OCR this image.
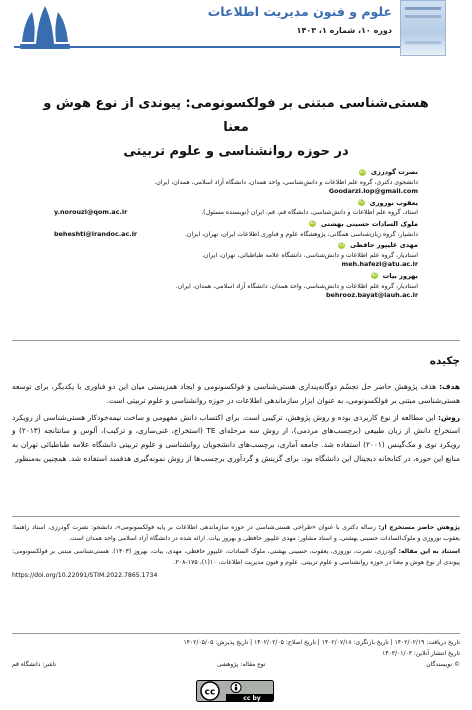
علوم و فنون مدیریت اطلاعات
دوره ۱۰، شماره ۱، ۱۴۰۳
هستی‌شناسی مبتنی بر فولکسونومی: پیوندی از نوع هوش و معنا
در حوزه روانشناسی و علوم تربیتی
نصرت گودرزی iD
دانشجوی دکتری، گروه علم اطلاعات و دانش‌شناسی، واحد همدان، دانشگاه آزاد اسلامی، همدان، ایران.
Goodarzi.lop@gmail.com
یعقوب نوروزی iD
استاد، گروه علم اطلاعات و دانش‌شناسی، دانشگاه قم، قم، ایران (نویسنده مسئول).
y.norouzi@qom.ac.ir
ملوک السادات حسینی بهشتی iD
دانشیار، گروه زبان‌شناسی همگانی، پژوهشگاه علوم و فناوری اطلاعات ایران، تهران، ایران.
beheshti@irandoc.ac.ir
مهدی علیپور حافظی iD
استادیار، گروه علم اطلاعات و دانش‌شناسی، دانشگاه علامه طباطبائی، تهران، ایران.
meh.hafezi@atu.ac.ir
بهروز بیات iD
استادیار، گروه علم اطلاعات و دانش‌شناسی، واحد همدان، دانشگاه آزاد اسلامی، همدان، ایران.
behrooz.bayat@iauh.ac.ir
چکیده

هدف: هدف پژوهش حاضر حل تجسّم دوگانه‌پنداری هستی‌شناسی و فولکسونومی و ایجاد همزیستی میان این دو فناوری با یکدیگر، برای توسعه هستی‌شناسی مبتنی بر فولکسونومی، به عنوان ابزار سازماندهی اطلاعات در حوزه روانشناسی و علوم تربیتی است.

روش: این مطالعه از نوع کاربردی بوده و روش پژوهش، ترکیبی است. برای اکتساب دانش مفهومی و ساخت نیمه‌خودکار هستی‌شناسی از رویکرد استخراج دانش از زبان طبیعی (برچسب‌های مردمی)، از روش سه مرحله‌ای TE (استخراج، غنی‌سازی، و ترکیب)، آلوس و سانتانجه (۲۰۱۳) و رویکرد نوی و مک‌گینس (۲۰۰۱) استفاده شد. جامعه آماری، برچسب‌های دانشجویان روانشناسی و علوم تربیتی دانشگاه علامه طباطبائی تهران به منابع این حوزه، در کتابخانه دیجیتال این دانشگاه بود. برای گزینش و گردآوری برچسب‌ها از روش نمونه‌گیری هدفمند استفاده شد. همچنین به‌منظور

پژوهش حاضر مستخرج از: رساله دکتری با عنوان «طراحی هستی‌شناسی در حوزه سازماندهی اطلاعات بر پایه فولکسونومی»، دانشجو: نصرت گودرزی، استاد راهنما: یعقوب نوروزی و ملوک‌السادات حسینی بهشتی، و استاد مشاور: مهدی علیپور حافظی و بهروز بیات. ارائه شده در دانشگاه آزاد اسلامی واحد همدان است.

استناد به این مقاله: گودرزی، نصرت، نوروزی، یعقوب، حسینی بهشتی، ملوک السادات، علیپور حافظی، مهدی، بیات، بهروز (۱۴۰۳). هستی‌شناسی مبتنی بر فولکسونومی: پیوندی از نوع هوش و معنا در حوزه روانشناسی و علوم تربیتی. علوم و فنون مدیریت اطلاعات، ۱۰(۱)، ۱۷۵-۲۰۸.

https://doi.org/10.22091/STIM.2022.7865.1734

تاریخ دریافت: ۱۴۰۲/۰۲/۱۹ | تاریخ بازنگری: ۱۴۰۲/۰۷/۱۸ | تاریخ اصلاح: ۱۴۰۲/۰۲/۰۵ | تاریخ پذیرش: ۱۴۰۲/۰۵/۰۵
تاریخ انتشار آنلاین: ۱۴۰۳/۰۱/۰۳
© نویسندگان
نوع مقاله: پژوهشی
ناشر: دانشگاه قم
cc
cc by
